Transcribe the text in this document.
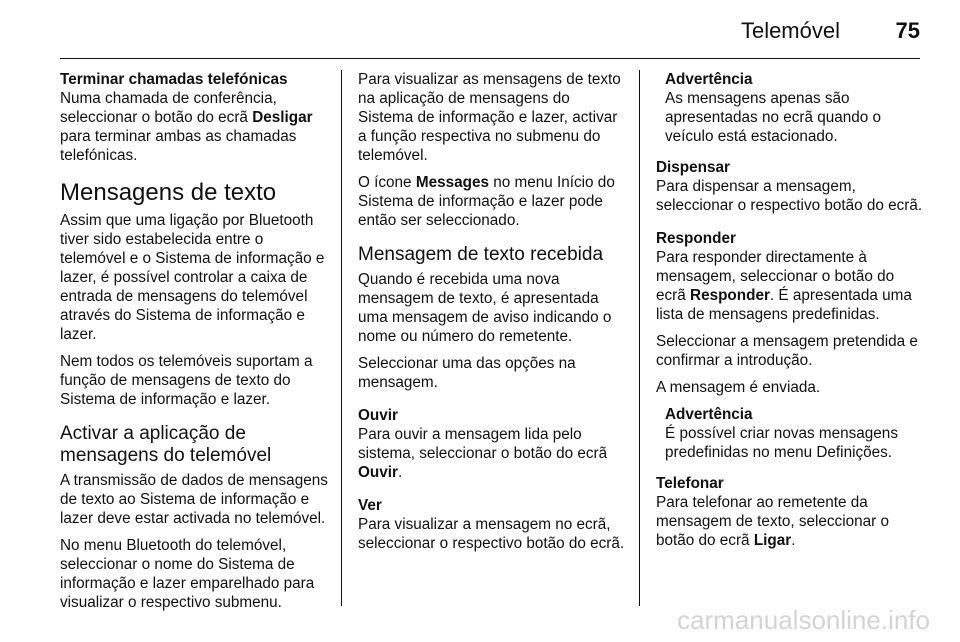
Telemóvel	75

Terminar chamadas telefónicas

Numa chamada de conferência, seleccionar o botão do ecrã Desligar para terminar ambas as chamadas telefónicas.

Mensagens de texto

Assim que uma ligação por Bluetooth tiver sido estabelecida entre o telemóvel e o Sistema de informação e lazer, é possível controlar a caixa de entrada de mensagens do telemóvel através do Sistema de informação e lazer.

Nem todos os telemóveis suportam a função de mensagens de texto do Sistema de informação e lazer.

Activar a aplicação de mensagens do telemóvel

A transmissão de dados de mensagens de texto ao Sistema de informação e lazer deve estar activada no telemóvel.

No menu Bluetooth do telemóvel, seleccionar o nome do Sistema de informação e lazer emparelhado para visualizar o respectivo submenu.

Para visualizar as mensagens de texto na aplicação de mensagens do Sistema de informação e lazer, activar a função respectiva no submenu do telemóvel.

O ícone Messages no menu Início do Sistema de informação e lazer pode então ser seleccionado.

Mensagem de texto recebida

Quando é recebida uma nova mensagem de texto, é apresentada uma mensagem de aviso indicando o nome ou número do remetente.

Seleccionar uma das opções na mensagem.

Ouvir

Para ouvir a mensagem lida pelo sistema, seleccionar o botão do ecrã Ouvir.

Ver

Para visualizar a mensagem no ecrã, seleccionar o respectivo botão do ecrã.

Advertência
As mensagens apenas são apresentadas no ecrã quando o veículo está estacionado.

Dispensar

Para dispensar a mensagem, seleccionar o respectivo botão do ecrã.

Responder

Para responder directamente à mensagem, seleccionar o botão do ecrã Responder. É apresentada uma lista de mensagens predefinidas.

Seleccionar a mensagem pretendida e confirmar a introdução.

A mensagem é enviada.

Advertência
É possível criar novas mensagens predefinidas no menu Definições.

Telefonar

Para telefonar ao remetente da mensagem de texto, seleccionar o botão do ecrã Ligar.

carmanualsonline.info
